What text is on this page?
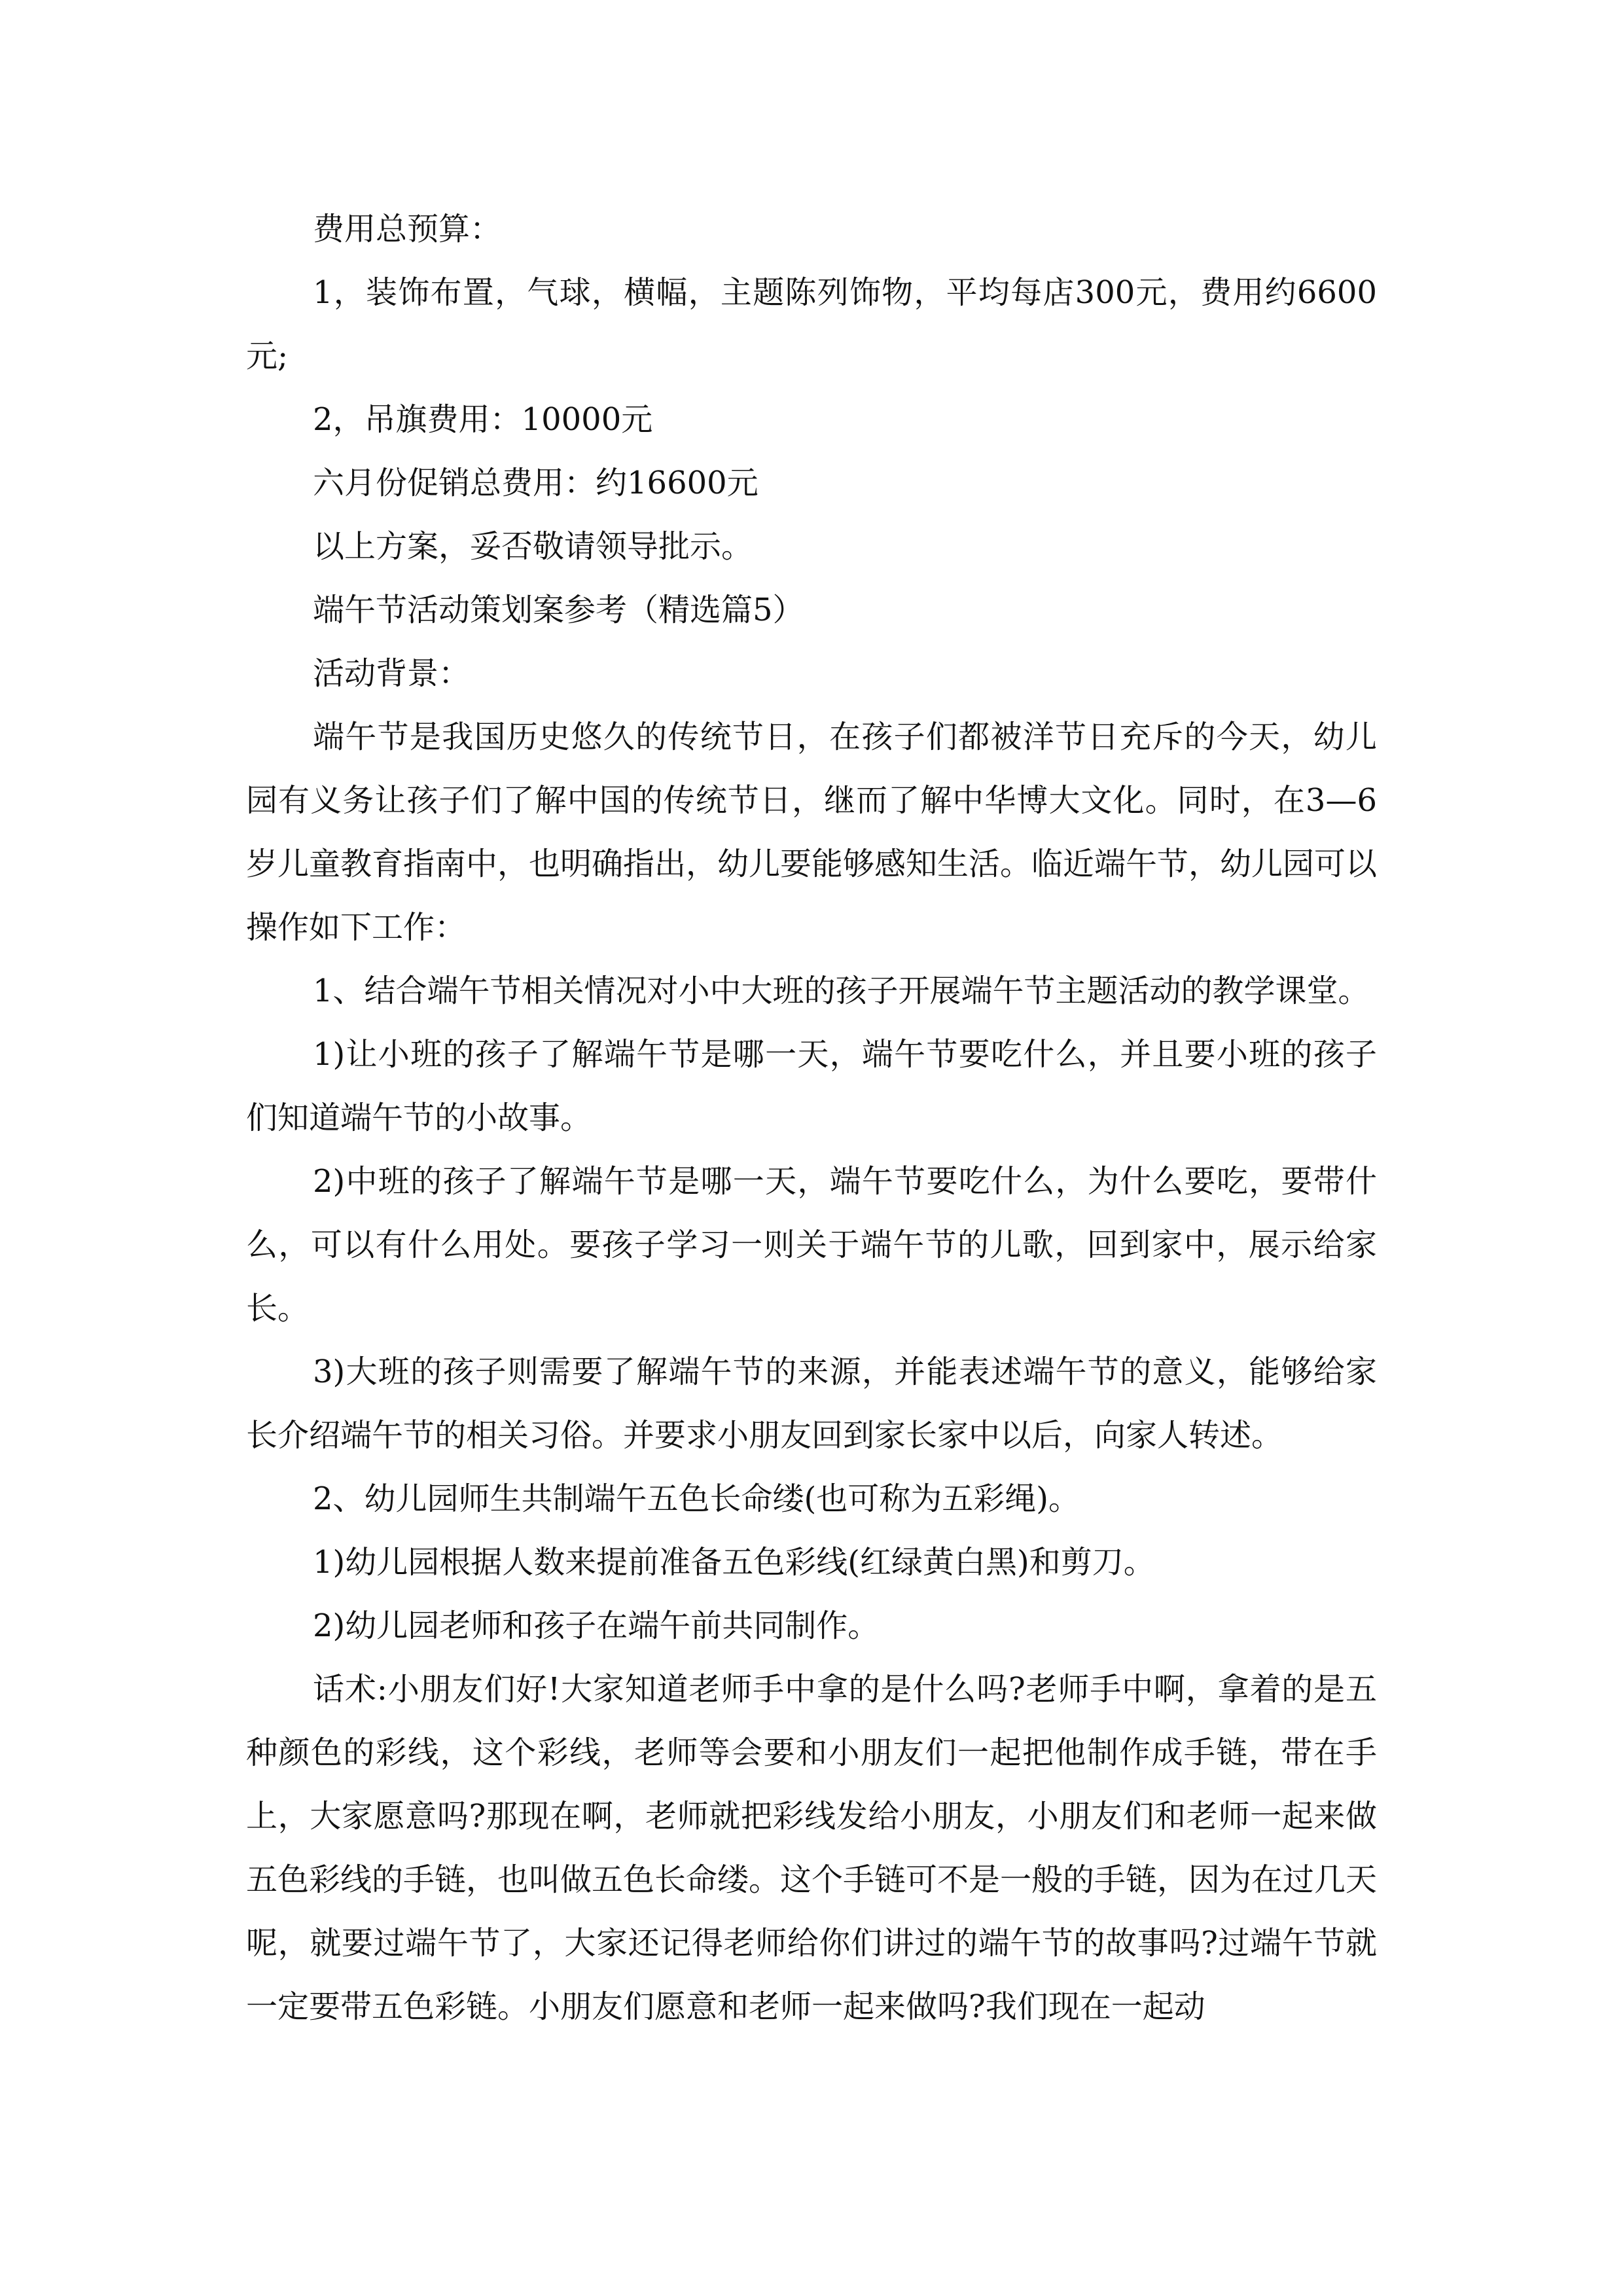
费用总预算：

1，装饰布置，气球，横幅，主题陈列饰物，平均每店300元，费用约6600元;

2，吊旗费用：10000元

六月份促销总费用：约16600元

以上方案，妥否敬请领导批示。

端午节活动策划案参考（精选篇5）

活动背景：

端午节是我国历史悠久的传统节日，在孩子们都被洋节日充斥的今天，幼儿园有义务让孩子们了解中国的传统节日，继而了解中华博大文化。同时，在3—6岁儿童教育指南中，也明确指出，幼儿要能够感知生活。临近端午节，幼儿园可以操作如下工作：

1、结合端午节相关情况对小中大班的孩子开展端午节主题活动的教学课堂。

1)让小班的孩子了解端午节是哪一天，端午节要吃什么，并且要小班的孩子们知道端午节的小故事。

2)中班的孩子了解端午节是哪一天，端午节要吃什么，为什么要吃，要带什么，可以有什么用处。要孩子学习一则关于端午节的儿歌，回到家中，展示给家长。

3)大班的孩子则需要了解端午节的来源，并能表述端午节的意义，能够给家长介绍端午节的相关习俗。并要求小朋友回到家长家中以后，向家人转述。

2、幼儿园师生共制端午五色长命缕(也可称为五彩绳)。

1)幼儿园根据人数来提前准备五色彩线(红绿黄白黑)和剪刀。

2)幼儿园老师和孩子在端午前共同制作。

话术:小朋友们好!大家知道老师手中拿的是什么吗?老师手中啊，拿着的是五种颜色的彩线，这个彩线，老师等会要和小朋友们一起把他制作成手链，带在手上，大家愿意吗?那现在啊，老师就把彩线发给小朋友，小朋友们和老师一起来做五色彩线的手链，也叫做五色长命缕。这个手链可不是一般的手链，因为在过几天呢，就要过端午节了，大家还记得老师给你们讲过的端午节的故事吗?过端午节就一定要带五色彩链。小朋友们愿意和老师一起来做吗?我们现在一起动
